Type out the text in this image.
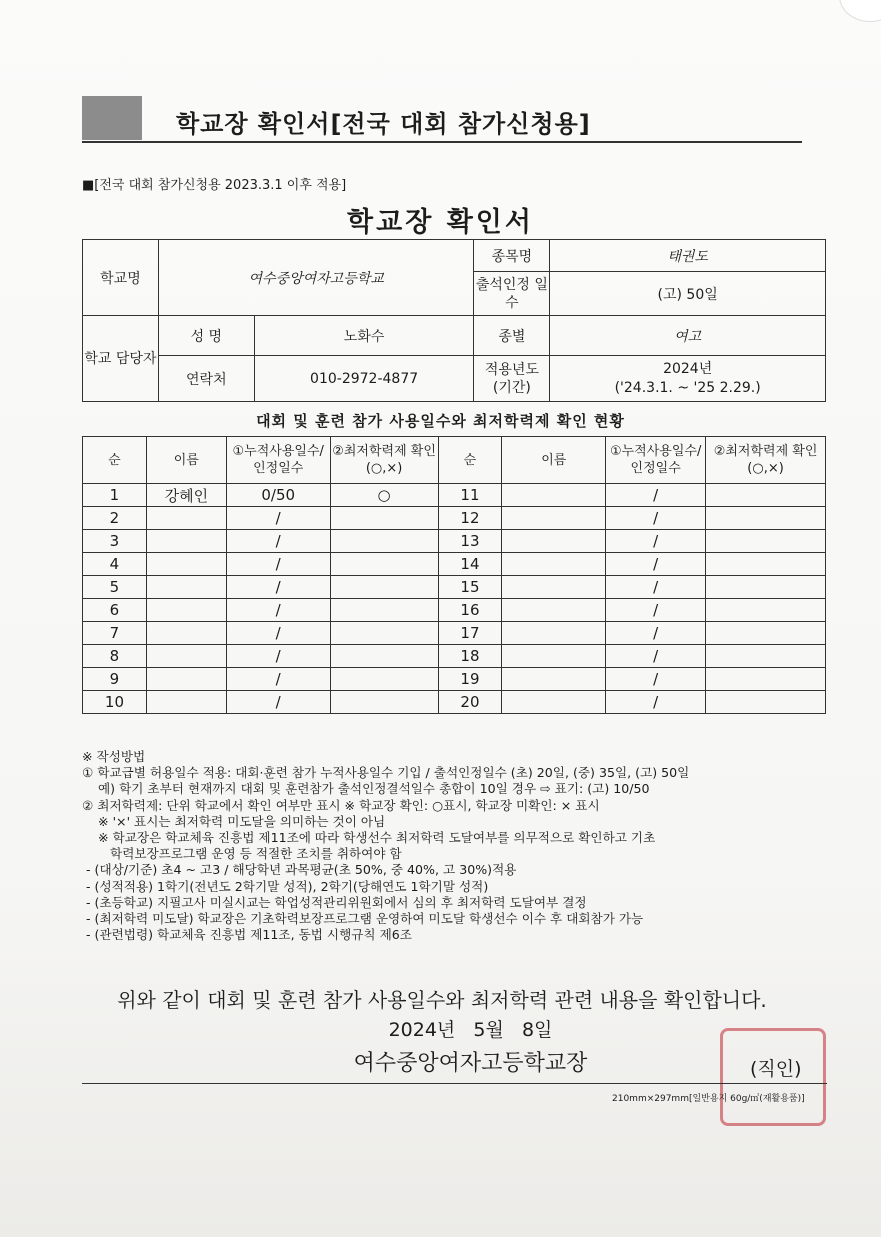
학교장 확인서[전국 대회 참가신청용]
■[전국 대회 참가신청용 2023.3.1 이후 적용]
학교장 확인서
학교명	여수중앙여자고등학교		종목명	태권도
			출석인정 일수	(고) 50일
학교 담당자	성 명	노화수	종별	여고
	연락처	010-2972-4877	적용년도 (기간)	2024년
('24.3.1. ~ '25 2.29.)
대회 및 훈련 참가 사용일수와 최저학력제 확인 현황
순	이름	①누적사용일수/인정일수	②최저학력제 확인(○,×)	순	이름	①누적사용일수/인정일수	②최저학력제 확인(○,×)
1	강혜인	0/50	○	11		/	
2		/		12		/	
3		/		13		/	
4		/		14		/	
5		/		15		/	
6		/		16		/	
7		/		17		/	
8		/		18		/	
9		/		19		/	
10		/		20		/	
※ 작성방법
① 학교급별 허용일수 적용: 대회·훈련 참가 누적사용일수 기입 / 출석인정일수 (초) 20일, (중) 35일, (고) 50일
예) 학기 초부터 현재까지 대회 및 훈련참가 출석인정결석일수 총합이 10일 경우 ⇨ 표기: (고) 10/50
② 최저학력제: 단위 학교에서 확인 여부만 표시 ※ 학교장 확인: ○표시, 학교장 미확인: × 표시
※ '×' 표시는 최저학력 미도달을 의미하는 것이 아님
※ 학교장은 학교체육 진흥법 제11조에 따라 학생선수 최저학력 도달여부를 의무적으로 확인하고 기초
학력보장프로그램 운영 등 적절한 조치를 취하여야 함
- (대상/기준) 초4 ~ 고3 / 해당학년 과목평균(초 50%, 중 40%, 고 30%)적용
- (성적적용) 1학기(전년도 2학기말 성적), 2학기(당해연도 1학기말 성적)
- (초등학교) 지필고사 미실시교는 학업성적관리위원회에서 심의 후 최저학력 도달여부 결정
- (최저학력 미도달) 학교장은 기초학력보장프로그램 운영하여 미도달 학생선수 이수 후 대회참가 가능
- (관련법령) 학교체육 진흥법 제11조, 동법 시행규칙 제6조
위와 같이 대회 및 훈련 참가 사용일수와 최저학력 관련 내용을 확인합니다.
2024년   5월   8일
여수중앙여자고등학교장	(직인)
210mm×297mm[일반용지 60g/㎡(재활용품)]
